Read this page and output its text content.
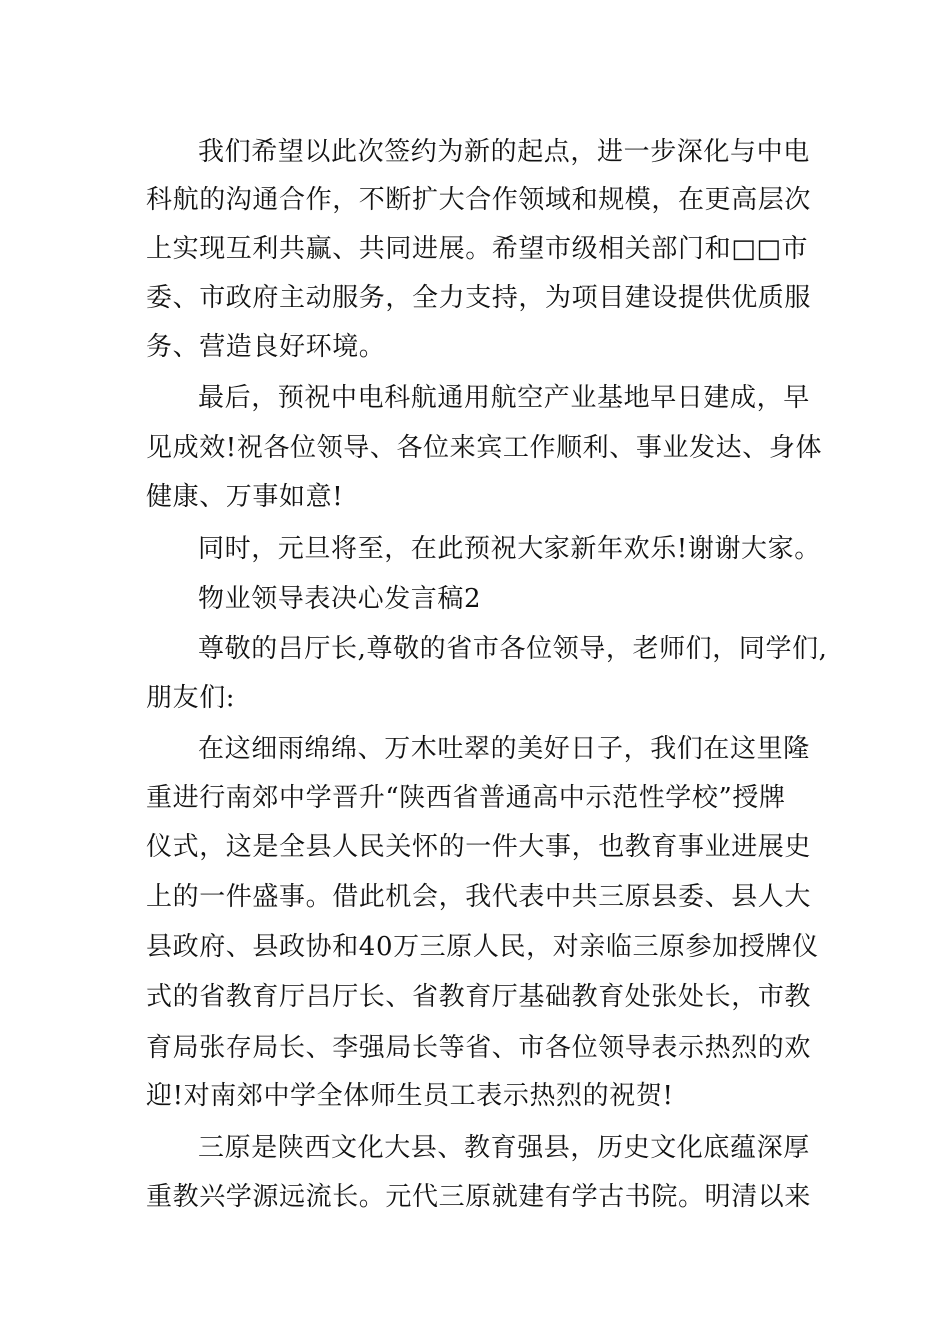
我们希望以此次签约为新的起点，进一步深化与中电

科航的沟通合作，不断扩大合作领域和规模，在更高层次

上实现互利共赢、共同进展。希望市级相关部门和□□市

委、市政府主动服务，全力支持，为项目建设提供优质服

务、营造良好环境。

最后，预祝中电科航通用航空产业基地早日建成，早

见成效!祝各位领导、各位来宾工作顺利、事业发达、身体

健康、万事如意!

同时，元旦将至，在此预祝大家新年欢乐!谢谢大家。

物业领导表决心发言稿2

尊敬的吕厅长,尊敬的省市各位领导，老师们，同学们,

朋友们:

在这细雨绵绵、万木吐翠的美好日子，我们在这里隆

重进行南郊中学晋升“陕西省普通高中示范性学校”授牌

仪式，这是全县人民关怀的一件大事，也教育事业进展史

上的一件盛事。借此机会，我代表中共三原县委、县人大

县政府、县政协和40万三原人民，对亲临三原参加授牌仪

式的省教育厅吕厅长、省教育厅基础教育处张处长，市教

育局张存局长、李强局长等省、市各位领导表示热烈的欢

迎!对南郊中学全体师生员工表示热烈的祝贺!

三原是陕西文化大县、教育强县，历史文化底蕴深厚

重教兴学源远流长。元代三原就建有学古书院。明清以来
